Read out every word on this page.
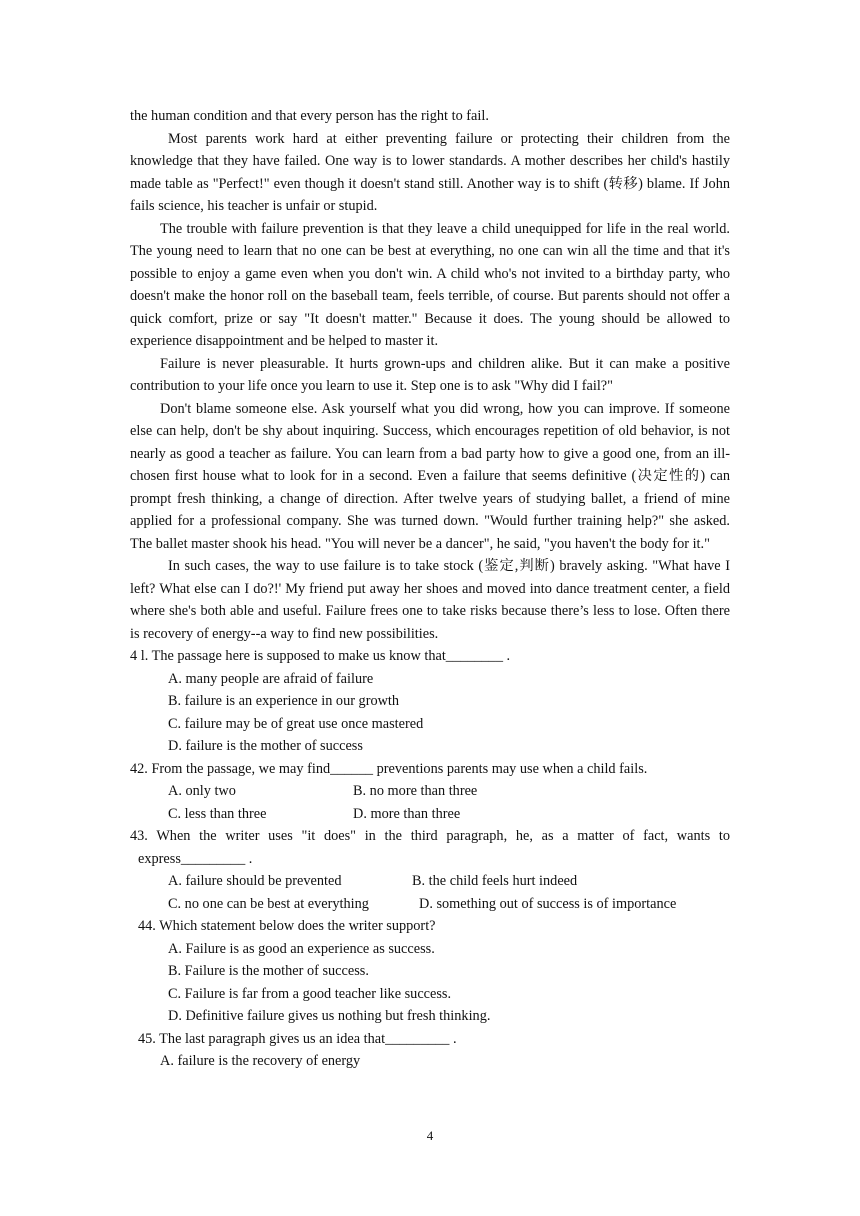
the human condition and that every person has the right to fail.

Most parents work hard at either preventing failure or protecting their children from the knowledge that they have failed. One way is to lower standards. A mother describes her child's hastily made table as "Perfect!" even though it doesn't stand still. Another way is to shift (转移) blame. If John fails science, his teacher is unfair or stupid.

The trouble with failure prevention is that they leave a child unequipped for life in the real world. The young need to learn that no one can be best at everything, no one can win all the time and that it's possible to enjoy a game even when you don't win. A child who's not invited to a birthday party, who doesn't make the honor roll on the baseball team, feels terrible, of course. But parents should not offer a quick comfort, prize or say "It doesn't matter." Because it does. The young should be allowed to experience disappointment and be helped to master it.

Failure is never pleasurable. It hurts grown-ups and children alike. But it can make a positive contribution to your life once you learn to use it. Step one is to ask "Why did I fail?"

Don't blame someone else. Ask yourself what you did wrong, how you can improve. If someone else can help, don't be shy about inquiring. Success, which encourages repetition of old behavior, is not nearly as good a teacher as failure. You can learn from a bad party how to give a good one, from an ill-chosen first house what to look for in a second. Even a failure that seems definitive (决定性的) can prompt fresh thinking, a change of direction. After twelve years of studying ballet, a friend of mine applied for a professional company. She was turned down. "Would further training help?" she asked. The ballet master shook his head. "You will never be a dancer", he said, "you haven't the body for it."

In such cases, the way to use failure is to take stock (鉴定,判断) bravely asking. "What have I left? What else can I do?!' My friend put away her shoes and moved into dance treatment center, a field where she's both able and useful. Failure frees one to take risks because there’s less to lose. Often there is recovery of energy--a way to find new possibilities.

4 l. The passage here is supposed to make us know that________ .

A. many people are afraid of failure

B. failure is an experience in our growth

C. failure may be of great use once mastered

D. failure is the mother of success

42. From the passage, we may find______ preventions parents may use when a child fails.

A. only two	B. no more than three
C. less than three	D. more than three

43. When the writer uses "it does" in the third paragraph, he, as a matter of fact, wants to

express_________ .

A. failure should be prevented	B. the child feels hurt indeed
C. no one can be best at everything	D. something out of success is of importance

44. Which statement below does the writer support?

A. Failure is as good an experience as success.

B. Failure is the mother of success.

C. Failure is far from a good teacher like success.

D. Definitive failure gives us nothing but fresh thinking.

45. The last paragraph gives us an idea that_________ .

A. failure is the recovery of energy

4
